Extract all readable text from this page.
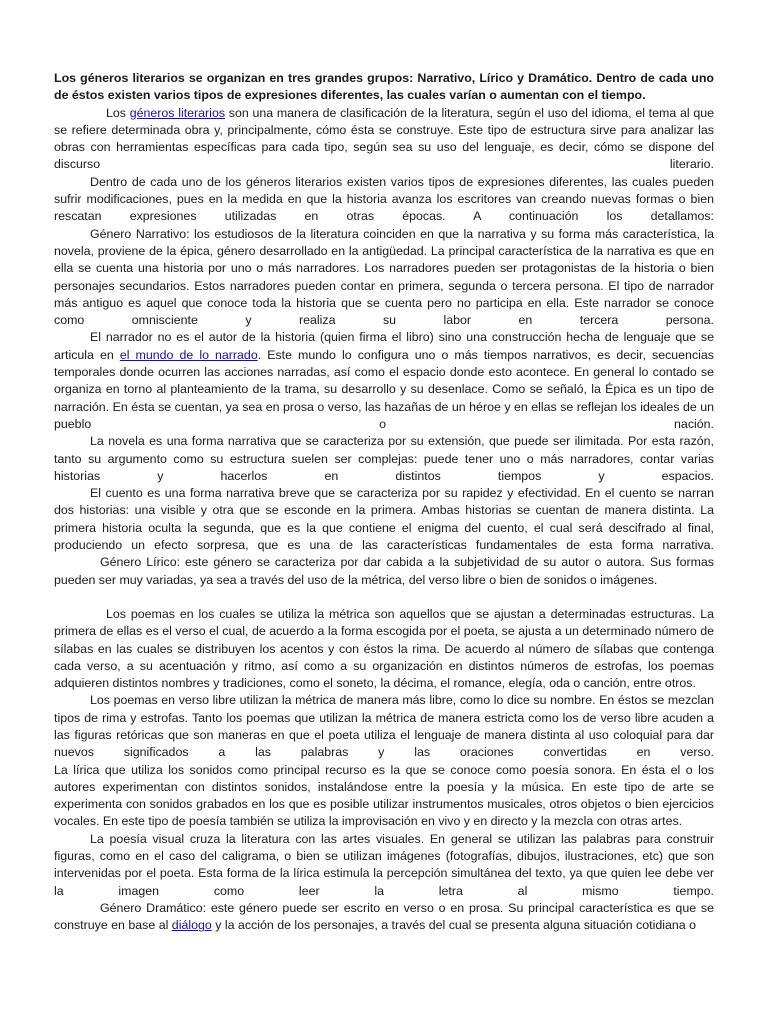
Los géneros literarios se organizan en tres grandes grupos: Narrativo, Lírico y Dramático. Dentro de cada uno de éstos existen varios tipos de expresiones diferentes, las cuales varían o aumentan con el tiempo.

Los géneros literarios son una manera de clasificación de la literatura, según el uso del idioma, el tema al que se refiere determinada obra y, principalmente, cómo ésta se construye. Este tipo de estructura sirve para analizar las obras con herramientas específicas para cada tipo, según sea su uso del lenguaje, es decir, cómo se dispone del discurso literario.

Dentro de cada uno de los géneros literarios existen varios tipos de expresiones diferentes, las cuales pueden sufrir modificaciones, pues en la medida en que la historia avanza los escritores van creando nuevas formas o bien rescatan expresiones utilizadas en otras épocas. A continuación los detallamos:

Género Narrativo: los estudiosos de la literatura coinciden en que la narrativa y su forma más característica, la novela, proviene de la épica, género desarrollado en la antigüedad. La principal característica de la narrativa es que en ella se cuenta una historia por uno o más narradores. Los narradores pueden ser protagonistas de la historia o bien personajes secundarios. Estos narradores pueden contar en primera, segunda o tercera persona. El tipo de narrador más antiguo es aquel que conoce toda la historia que se cuenta pero no participa en ella. Este narrador se conoce como omnisciente y realiza su labor en tercera persona.

El narrador no es el autor de la historia (quien firma el libro) sino una construcción hecha de lenguaje que se articula en el mundo de lo narrado. Este mundo lo configura uno o más tiempos narrativos, es decir, secuencias temporales donde ocurren las acciones narradas, así como el espacio donde esto acontece. En general lo contado se organiza en torno al planteamiento de la trama, su desarrollo y su desenlace. Como se señaló, la Épica es un tipo de narración. En ésta se cuentan, ya sea en prosa o verso, las hazañas de un héroe y en ellas se reflejan los ideales de un pueblo o nación.

La novela es una forma narrativa que se caracteriza por su extensión, que puede ser ilimitada. Por esta razón, tanto su argumento como su estructura suelen ser complejas: puede tener uno o más narradores, contar varias historias y hacerlos en distintos tiempos y espacios.

El cuento es una forma narrativa breve que se caracteriza por su rapidez y efectividad. En el cuento se narran dos historias: una visible y otra que se esconde en la primera. Ambas historias se cuentan de manera distinta. La primera historia oculta la segunda, que es la que contiene el enigma del cuento, el cual será descifrado al final, produciendo un efecto sorpresa, que es una de las características fundamentales de esta forma narrativa.

Género Lírico: este género se caracteriza por dar cabida a la subjetividad de su autor o autora. Sus formas pueden ser muy variadas, ya sea a través del uso de la métrica, del verso libre o bien de sonidos o imágenes.

Los poemas en los cuales se utiliza la métrica son aquellos que se ajustan a determinadas estructuras. La primera de ellas es el verso el cual, de acuerdo a la forma escogida por el poeta, se ajusta a un determinado número de sílabas en las cuales se distribuyen los acentos y con éstos la rima. De acuerdo al número de sílabas que contenga cada verso, a su acentuación y ritmo, así como a su organización en distintos números de estrofas, los poemas adquieren distintos nombres y tradiciones, como el soneto, la décima, el romance, elegía, oda o canción, entre otros.

Los poemas en verso libre utilizan la métrica de manera más libre, como lo dice su nombre. En éstos se mezclan tipos de rima y estrofas. Tanto los poemas que utilizan la métrica de manera estricta como los de verso libre acuden a las figuras retóricas que son maneras en que el poeta utiliza el lenguaje de manera distinta al uso coloquial para dar nuevos significados a las palabras y las oraciones convertidas en verso.

La lírica que utiliza los sonidos como principal recurso es la que se conoce como poesía sonora. En ésta el o los autores experimentan con distintos sonidos, instalándose entre la poesía y la música. En este tipo de arte se experimenta con sonidos grabados en los que es posible utilizar instrumentos musicales, otros objetos o bien ejercicios vocales. En este tipo de poesía también se utiliza la improvisación en vivo y en directo y la mezcla con otras artes.

La poesía visual cruza la literatura con las artes visuales. En general se utilizan las palabras para construir figuras, como en el caso del caligrama, o bien se utilizan imágenes (fotografías, dibujos, ilustraciones, etc) que son intervenidas por el poeta. Esta forma de la lírica estimula la percepción simultánea del texto, ya que quien lee debe ver la imagen como leer la letra al mismo tiempo.

Género Dramático: este género puede ser escrito en verso o en prosa. Su principal característica es que se construye en base al diálogo y la acción de los personajes, a través del cual se presenta alguna situación cotidiana o
